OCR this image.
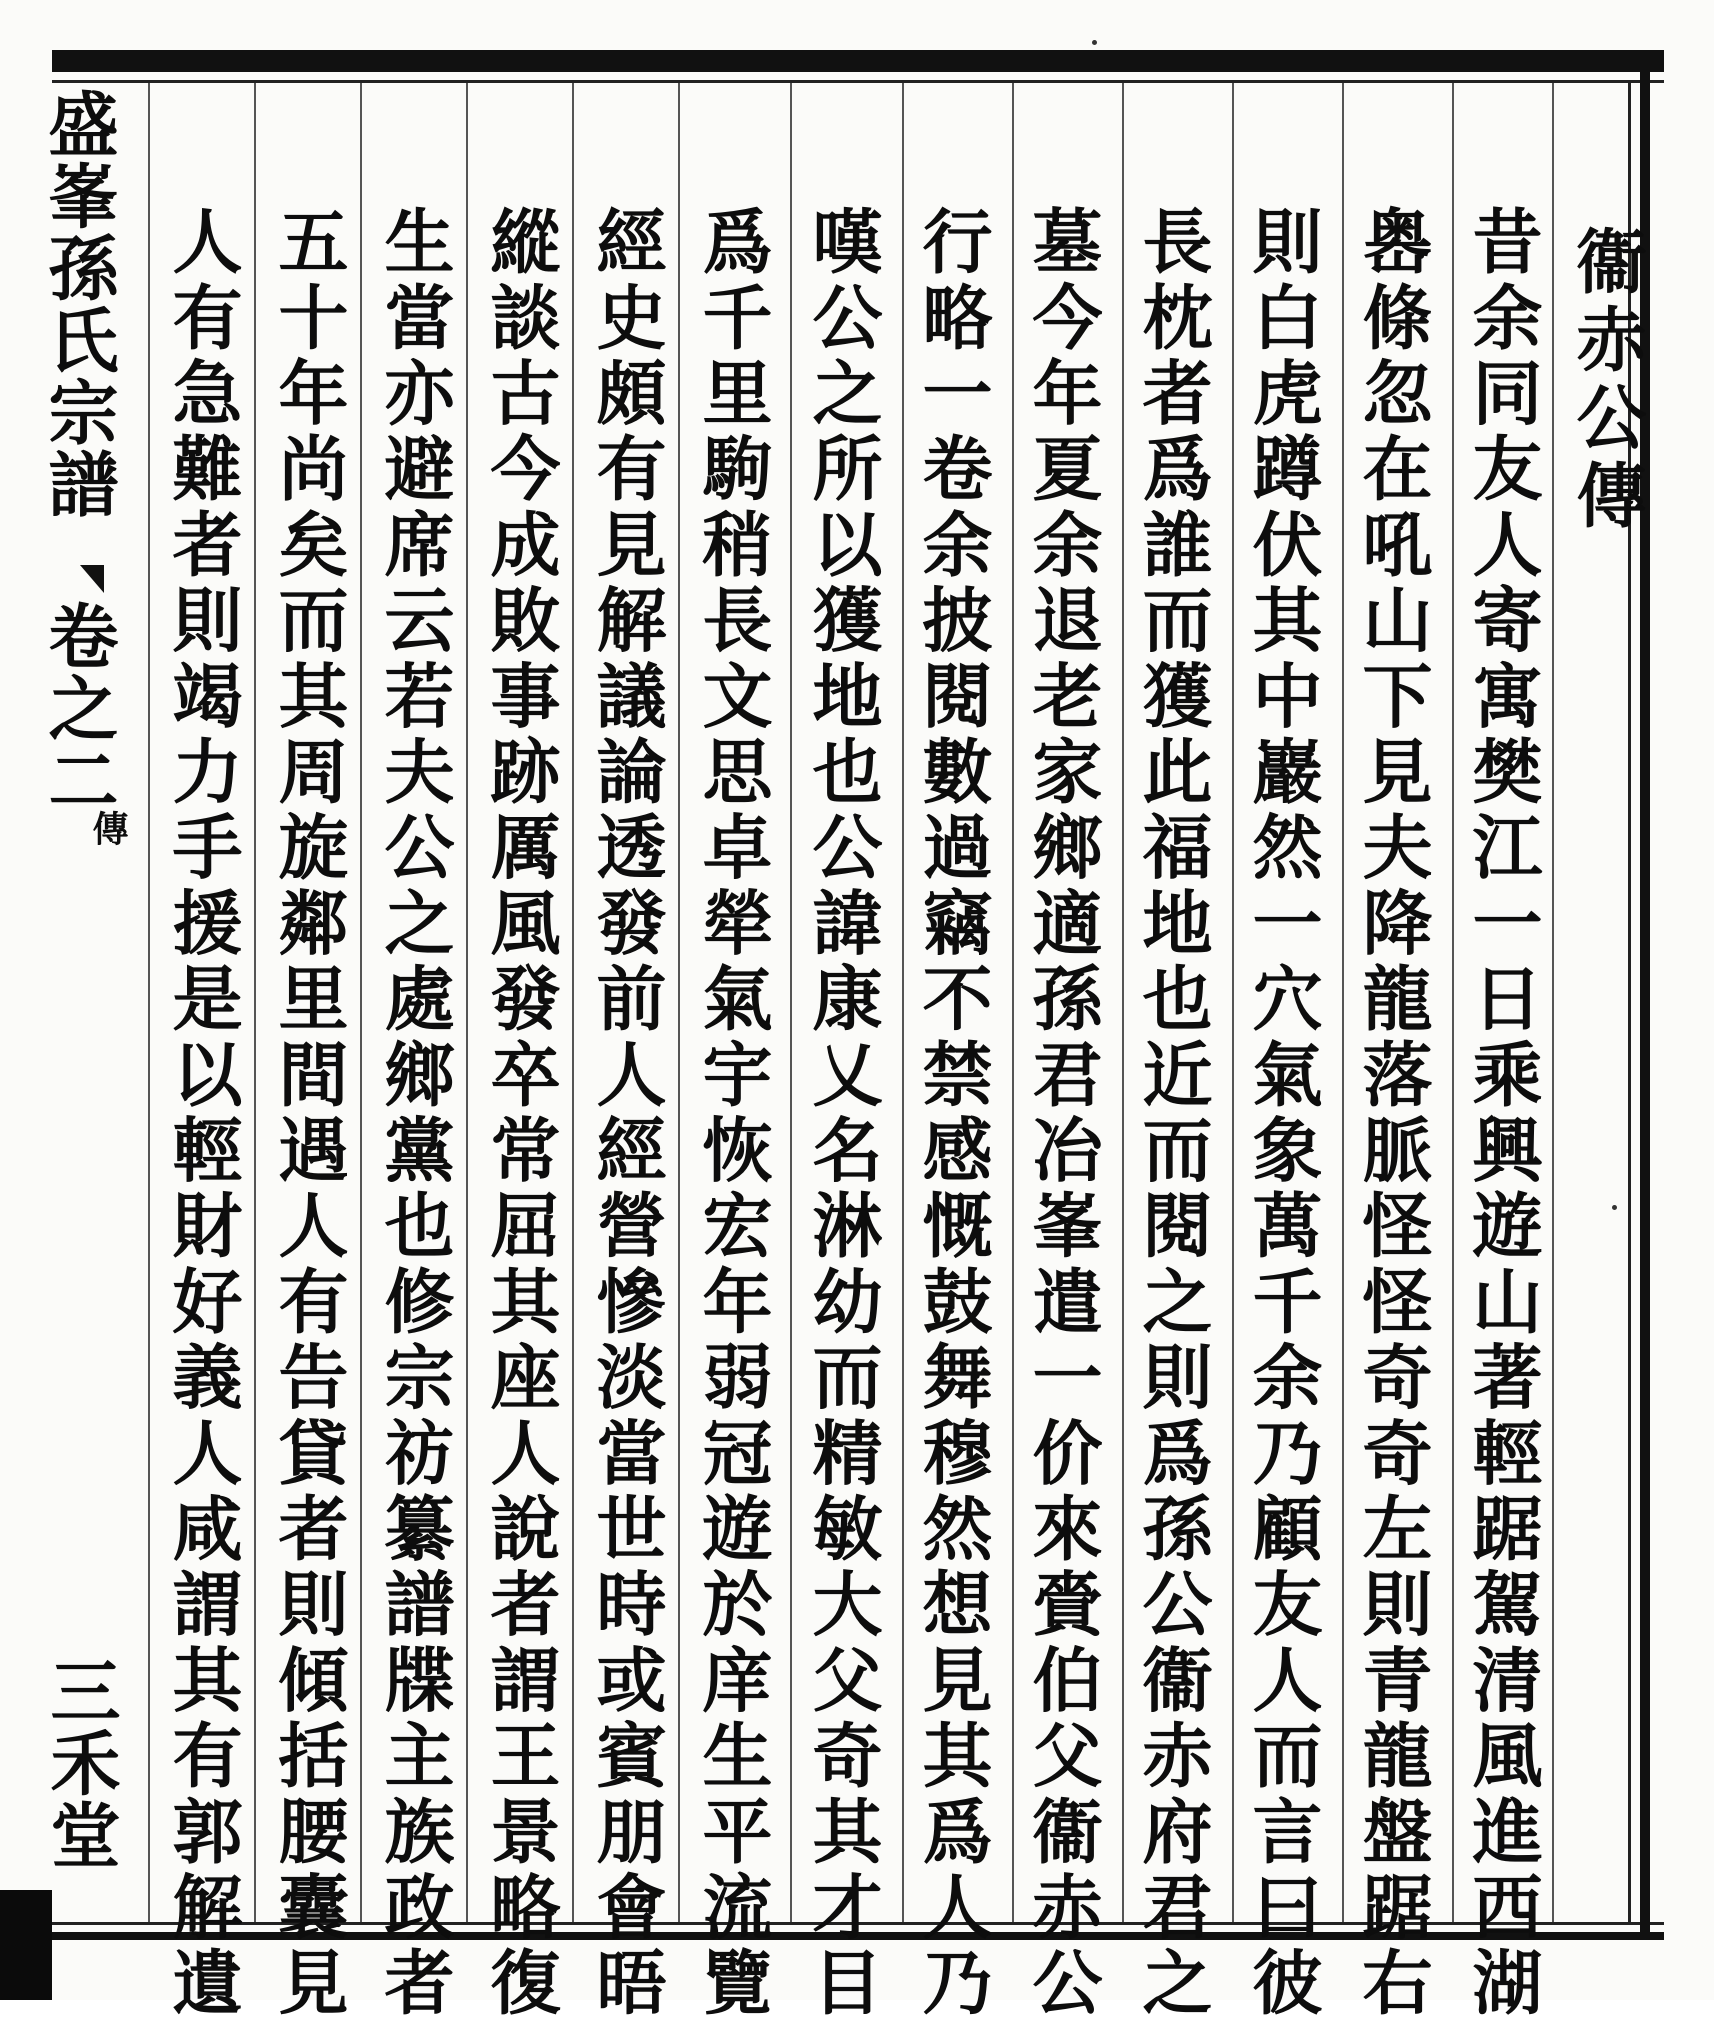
盛峯孫氏宗譜
卷之二
傳
三禾堂
衞赤公傳
昔余同友人寄寓樊江一日乘興遊山著輕踞駕清風進西湖
嶴條忽在吼山下見夫降龍落脈怪怪奇奇左則青龍盤踞右
則白虎蹲伏其中巖然一穴氣象萬千余乃顧友人而言曰彼
長枕者爲誰而獲此福地也近而閱之則爲孫公衞赤府君之
墓今年夏余退老家鄉適孫君冶峯遣一价來賫伯父衞赤公
行略一卷余披閱數過竊不禁感慨鼓舞穆然想見其爲人乃
嘆公之所以獲地也公諱康乂名淋幼而精敏大父奇其才目
爲千里駒稍長文思卓犖氣宇恢宏年弱冠遊於庠生平流覽
經史頗有見解議論透發前人經營慘淡當世時或賓朋會晤
縱談古今成敗事跡厲風發卒常屈其座人說者謂王景略復
生當亦避席云若夫公之處鄉黨也修宗祊纂譜牒主族政者
五十年尚矣而其周旋鄰里間遇人有告貸者則傾括腰囊見
人有急難者則竭力手援是以輕財好義人咸謂其有郭解遺
